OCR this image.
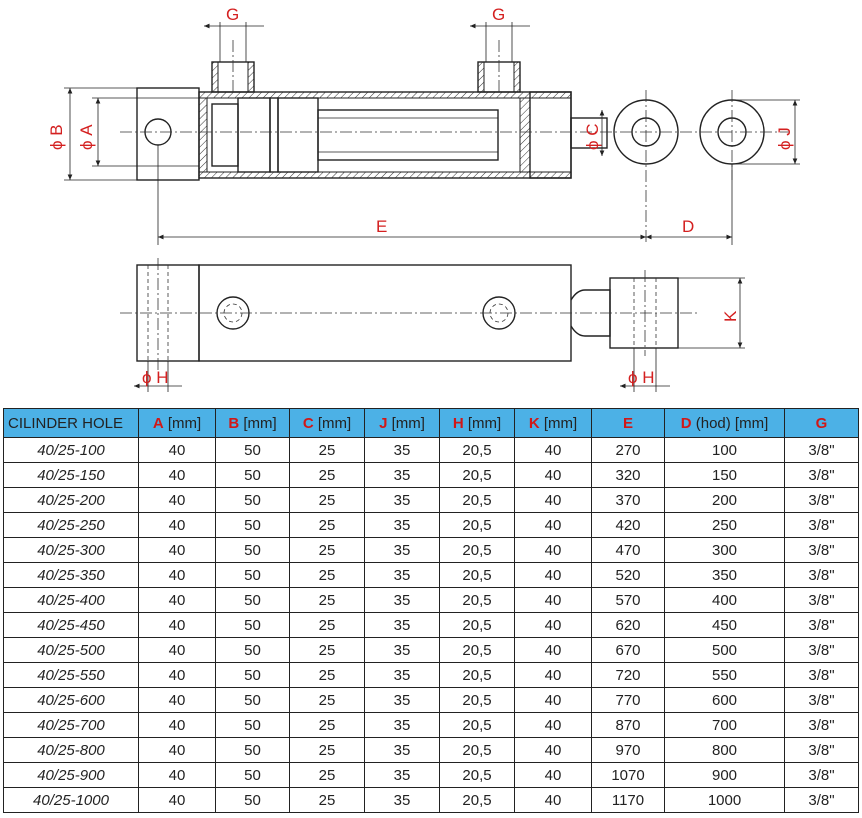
G	G
ϕ B ϕ A	ϕ C	ϕ J
E	D
K
ϕ H	ϕ H
CILINDER HOLE	A [mm]	B [mm]	C [mm]	J [mm]	H [mm]	K [mm]	E	D (hod) [mm]	G
40/25-100	40	50	25	35	20,5	40	270	100	3/8"
40/25-150	40	50	25	35	20,5	40	320	150	3/8"
40/25-200	40	50	25	35	20,5	40	370	200	3/8"
40/25-250	40	50	25	35	20,5	40	420	250	3/8"
40/25-300	40	50	25	35	20,5	40	470	300	3/8"
40/25-350	40	50	25	35	20,5	40	520	350	3/8"
40/25-400	40	50	25	35	20,5	40	570	400	3/8"
40/25-450	40	50	25	35	20,5	40	620	450	3/8"
40/25-500	40	50	25	35	20,5	40	670	500	3/8"
40/25-550	40	50	25	35	20,5	40	720	550	3/8"
40/25-600	40	50	25	35	20,5	40	770	600	3/8"
40/25-700	40	50	25	35	20,5	40	870	700	3/8"
40/25-800	40	50	25	35	20,5	40	970	800	3/8"
40/25-900	40	50	25	35	20,5	40	1070	900	3/8"
40/25-1000	40	50	25	35	20,5	40	1170	1000	3/8"
